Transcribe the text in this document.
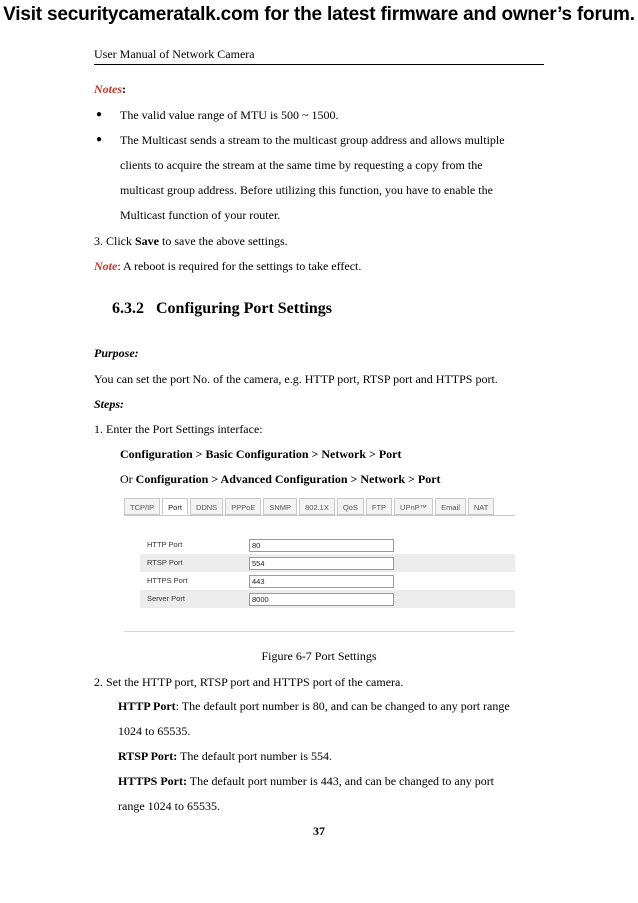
Visit securitycameratalk.com for the latest firmware and owner’s forum.
User Manual of Network Camera
Notes:
● The valid value range of MTU is 500 ~ 1500.
● The Multicast sends a stream to the multicast group address and allows multiple
clients to acquire the stream at the same time by requesting a copy from the
multicast group address. Before utilizing this function, you have to enable the
Multicast function of your router.
3. Click Save to save the above settings.
Note: A reboot is required for the settings to take effect.
6.3.2 Configuring Port Settings
Purpose:
You can set the port No. of the camera, e.g. HTTP port, RTSP port and HTTPS port.
Steps:
1. Enter the Port Settings interface:
Configuration > Basic Configuration > Network > Port
Or Configuration > Advanced Configuration > Network > Port
TCP/IP	Port	DDNS	PPPoE	SNMP	802.1X	QoS	FTP	UPnP™	Email	NAT
HTTP Port	80
RTSP Port	554
HTTPS Port	443
Server Port	8000
Figure 6-7 Port Settings
2. Set the HTTP port, RTSP port and HTTPS port of the camera.
HTTP Port: The default port number is 80, and can be changed to any port range
1024 to 65535.
RTSP Port: The default port number is 554.
HTTPS Port: The default port number is 443, and can be changed to any port
range 1024 to 65535.
37
